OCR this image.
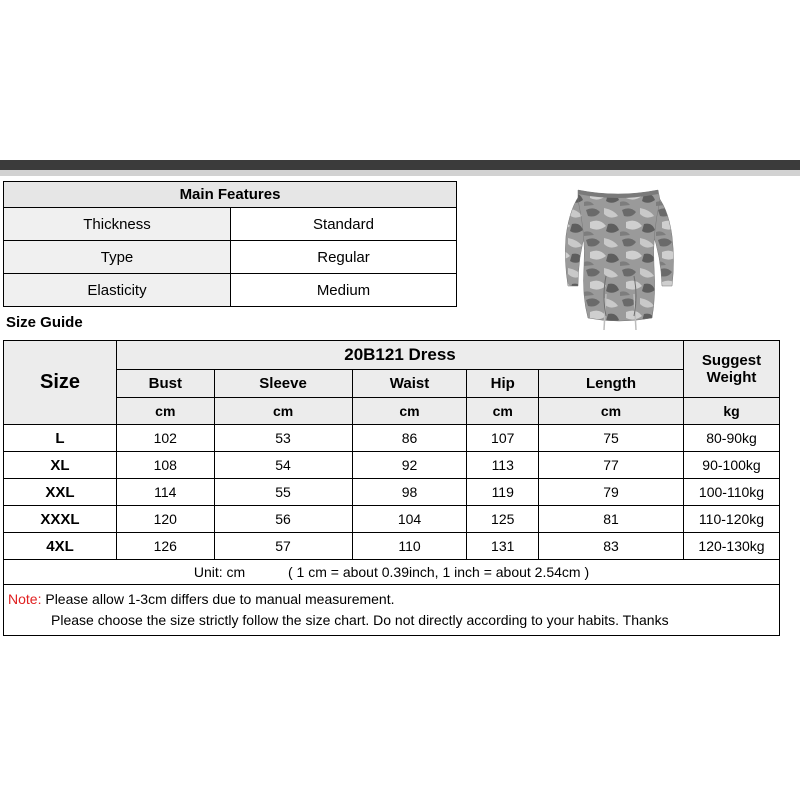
Main Features	
Thickness	Standard
Type	Regular
Elasticity	Medium
Size Guide
Size	20B121 Dress					Suggest Weight
	Bust	Sleeve	Waist	Hip	Length	
	cm	cm	cm	cm	cm	kg
L	102	53	86	107	75	80-90kg
XL	108	54	92	113	77	90-100kg
XXL	114	55	98	119	79	100-110kg
XXXL	120	56	104	125	81	110-120kg
4XL	126	57	110	131	83	120-130kg
Unit: cm ( 1 cm = about 0.39inch, 1 inch = about 2.54cm )						
Note: Please allow 1-3cm differs due to manual measurement.
Please choose the size strictly follow the size chart. Do not directly according to your habits. Thanks						
